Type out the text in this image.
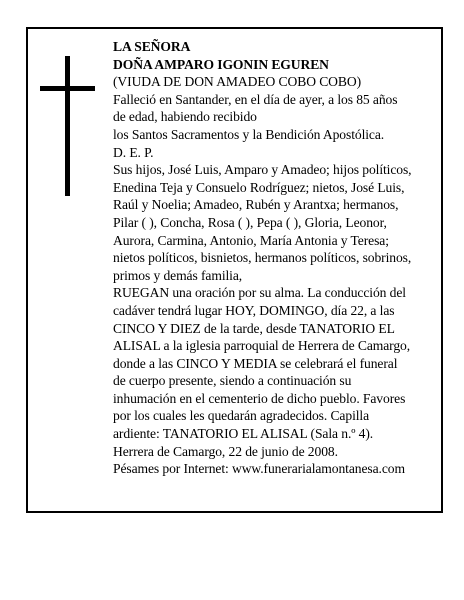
LA SEÑORA
DOÑA AMPARO IGONIN EGUREN
(VIUDA DE DON AMADEO COBO COBO)
Falleció en Santander, en el día de ayer, a los 85 años
de edad, habiendo recibido
los Santos Sacramentos y la Bendición Apostólica.
D. E. P.
Sus hijos, José Luis, Amparo y Amadeo; hijos políticos,
Enedina Teja y Consuelo Rodríguez; nietos, José Luis,
Raúl y Noelia; Amadeo, Rubén y Arantxa; hermanos,
Pilar ( ), Concha, Rosa ( ), Pepa ( ), Gloria, Leonor,
Aurora, Carmina, Antonio, María Antonia y Teresa;
nietos políticos, bisnietos, hermanos políticos, sobrinos,
primos y demás familia,
RUEGAN una oración por su alma. La conducción del
cadáver tendrá lugar HOY, DOMINGO, día 22, a las
CINCO Y DIEZ de la tarde, desde TANATORIO EL
ALISAL a la iglesia parroquial de Herrera de Camargo,
donde a las CINCO Y MEDIA se celebrará el funeral
de cuerpo presente, siendo a continuación su
inhumación en el cementerio de dicho pueblo. Favores
por los cuales les quedarán agradecidos. Capilla
ardiente: TANATORIO EL ALISAL (Sala n.º 4).
Herrera de Camargo, 22 de junio de 2008.
Pésames por Internet: www.funerarialamontanesa.com
